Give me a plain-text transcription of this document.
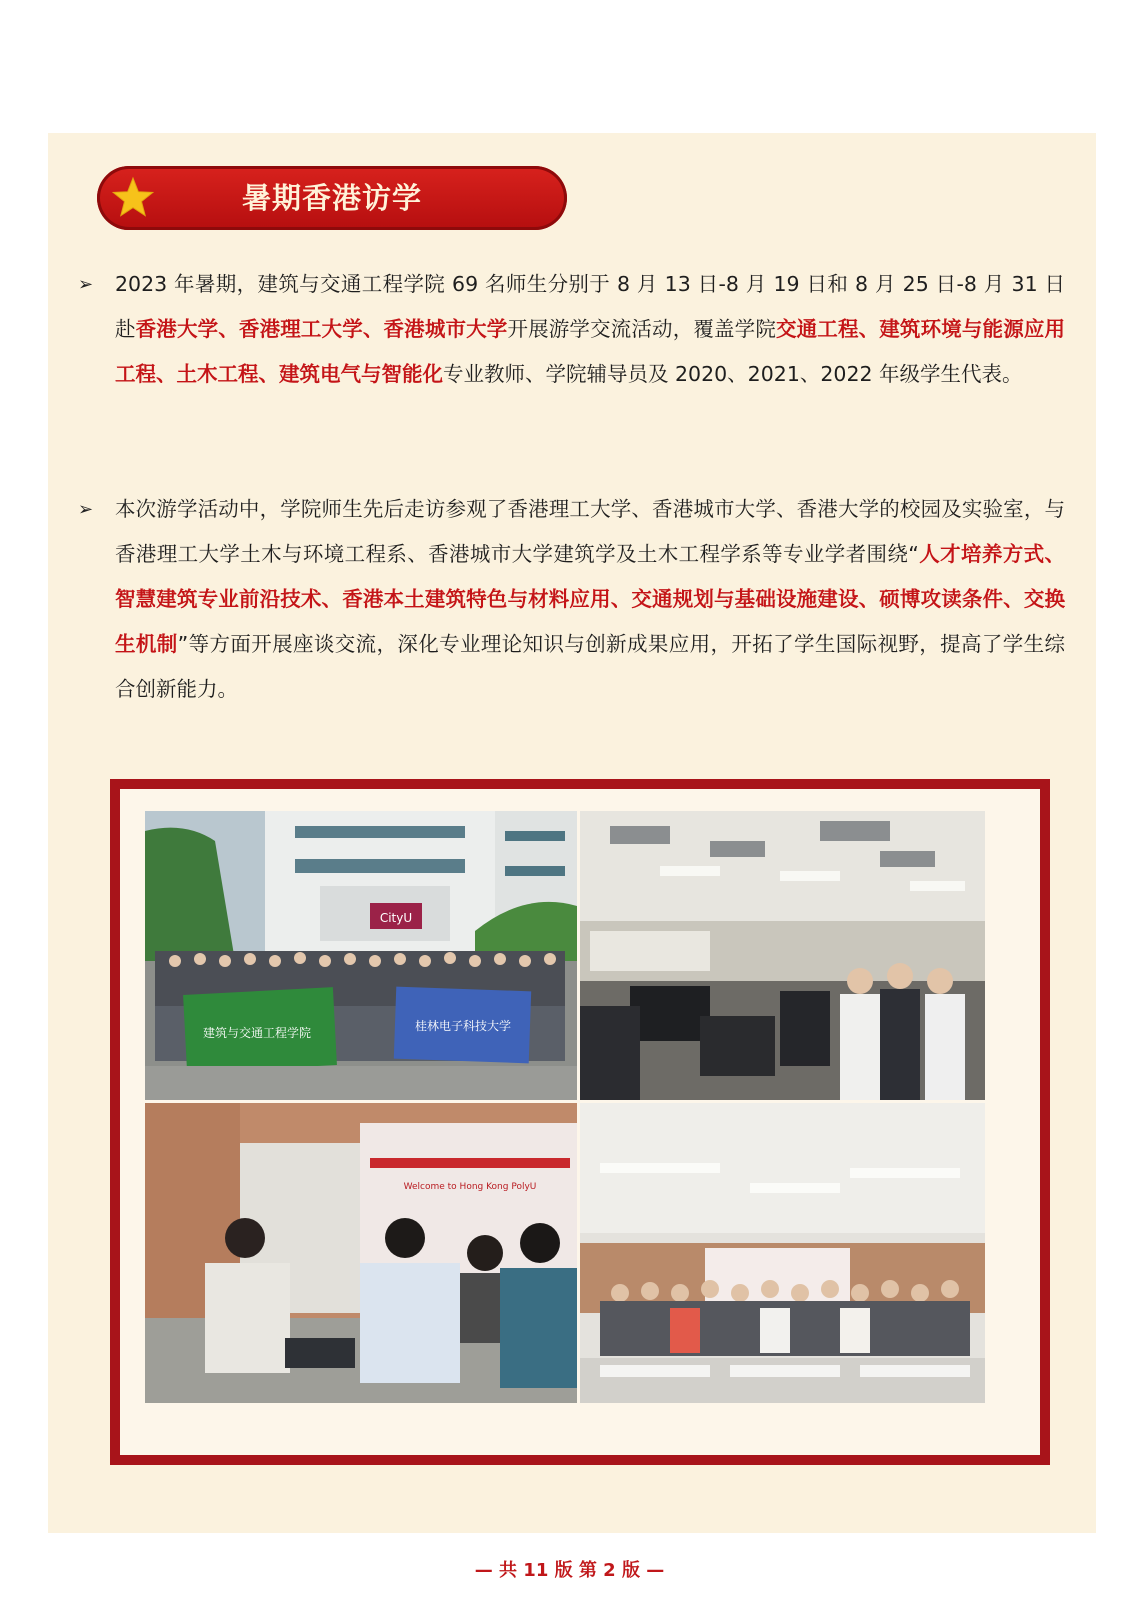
暑期香港访学
➢ 2023 年暑期，建筑与交通工程学院 69 名师生分别于 8 月 13 日-8 月 19 日和 8 月 25 日-8 月 31 日赴香港大学、香港理工大学、香港城市大学开展游学交流活动，覆盖学院交通工程、建筑环境与能源应用工程、土木工程、建筑电气与智能化专业教师、学院辅导员及 2020、2021、2022 年级学生代表。
➢ 本次游学活动中，学院师生先后走访参观了香港理工大学、香港城市大学、香港大学的校园及实验室，与香港理工大学土木与环境工程系、香港城市大学建筑学及土木工程学系等专业学者围绕“人才培养方式、智慧建筑专业前沿技术、香港本土建筑特色与材料应用、交通规划与基础设施建设、硕博攻读条件、交换生机制”等方面开展座谈交流，深化专业理论知识与创新成果应用，开拓了学生国际视野，提高了学生综合创新能力。
CityU
建筑与交通工程学院	桂林电子科技大学
Welcome to Hong Kong PolyU
— 共 11 版 第 2 版 —
